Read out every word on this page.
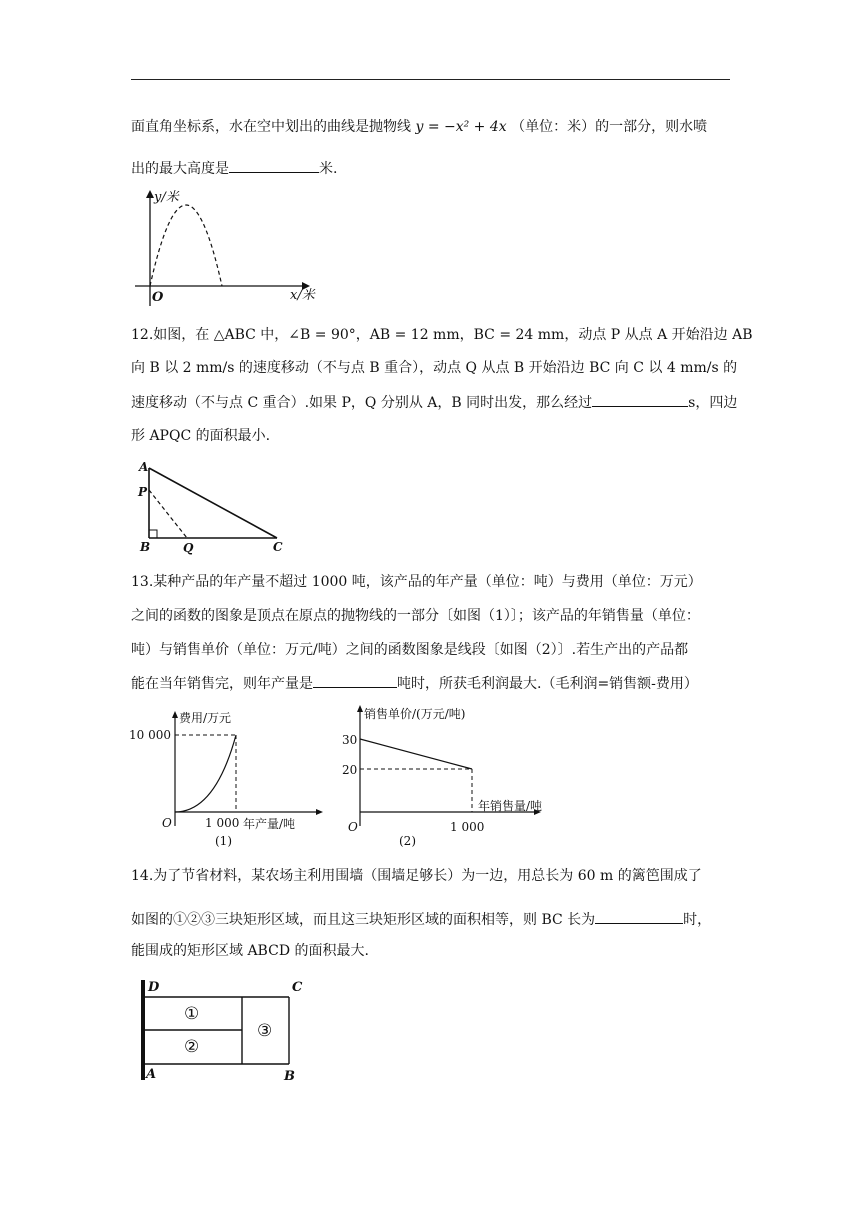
面直角坐标系，水在空中划出的曲线是抛物线 y = −x² + 4x （单位：米）的一部分，则水喷
出的最大高度是	米.
y/米
x/米
O
12.如图，在 △ABC 中，∠B = 90°，AB = 12 mm，BC = 24 mm，动点 P 从点 A 开始沿边 AB
向 B 以 2 mm/s 的速度移动（不与点 B 重合），动点 Q 从点 B 开始沿边 BC 向 C 以 4 mm/s 的
速度移动（不与点 C 重合）.如果 P，Q 分别从 A，B 同时出发，那么经过	s，四边
形 APQC 的面积最小.
A
P
B	Q	C
13.某种产品的年产量不超过 1000 吨，该产品的年产量（单位：吨）与费用（单位：万元）
之间的函数的图象是顶点在原点的抛物线的一部分〔如图（1）〕；该产品的年销售量（单位：
吨）与销售单价（单位：万元/吨）之间的函数图象是线段〔如图（2）〕.若生产出的产品都
能在当年销售完，则年产量是	吨时，所获毛利润最大.（毛利润=销售额-费用）
费用/万元
10 000
O	1 000 年产量/吨
(1)
销售单价/(万元/吨)
30
20
年销售量/吨
O	1 000
(2)
14.为了节省材料，某农场主利用围墙（围墙足够长）为一边，用总长为 60 m 的篱笆围成了
如图的①②③三块矩形区域，而且这三块矩形区域的面积相等，则 BC 长为	时，
能围成的矩形区域 ABCD 的面积最大.
D	C
A	B
①
②
③
